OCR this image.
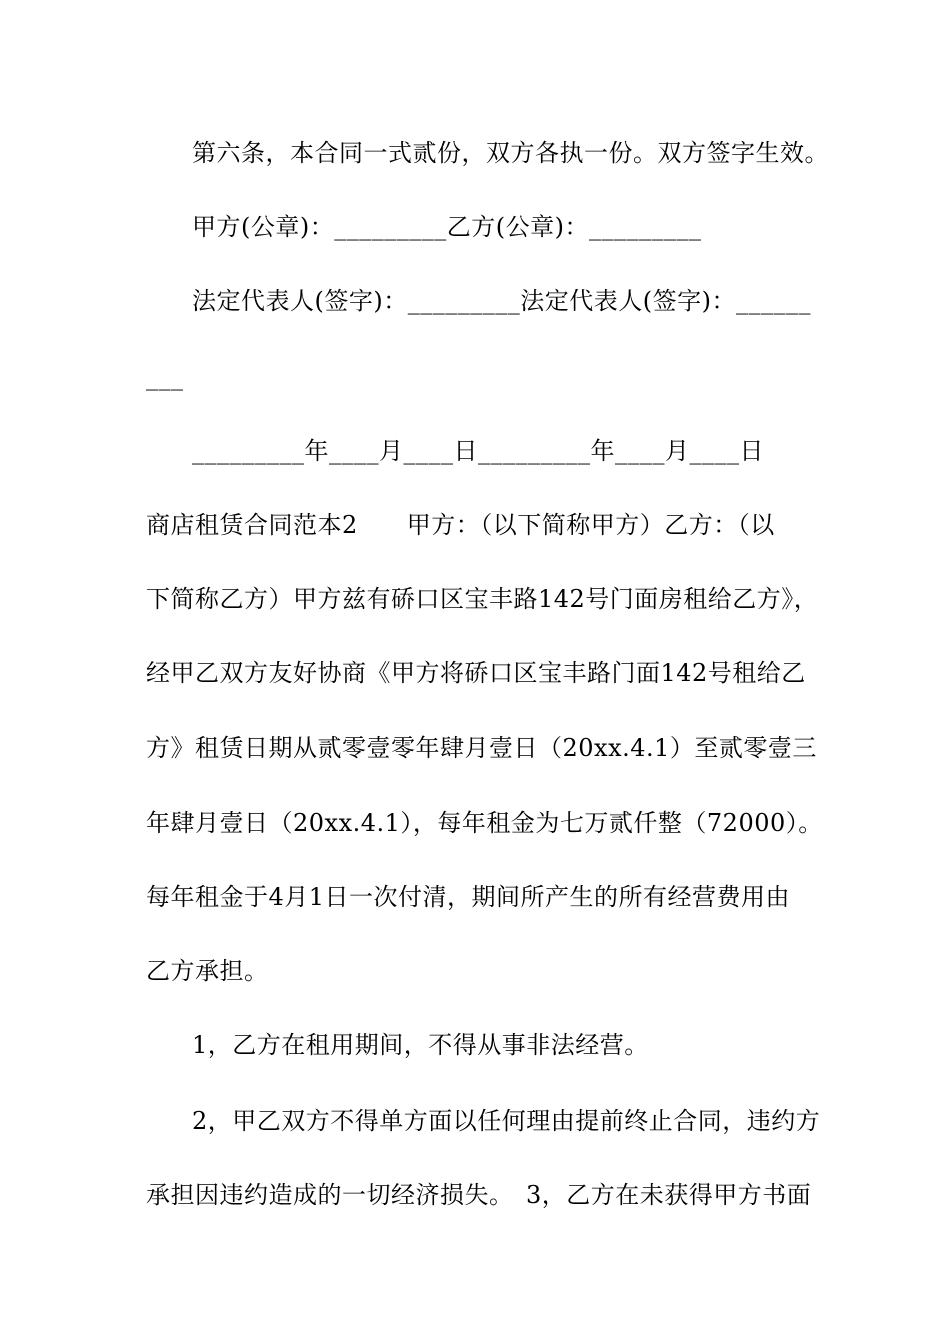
第六条，本合同一式贰份，双方各执一份。双方签字生效。
甲方(公章)：_________乙方(公章)：_________
法定代表人(签字)：_________法定代表人(签字)：______
___
_________年____月____日_________年____月____日
商店租赁合同范本2　　甲方：（以下简称甲方）乙方：（以
下简称乙方）甲方兹有硚口区宝丰路142号门面房租给乙方》，
经甲乙双方友好协商《甲方将硚口区宝丰路门面142号租给乙
方》租赁日期从贰零壹零年肆月壹日（20xx.4.1）至贰零壹三
年肆月壹日（20xx.4.1），每年租金为七万贰仟整（72000）。
每年租金于4月1日一次付清，期间所产生的所有经营费用由
乙方承担。
1，乙方在租用期间，不得从事非法经营。
2，甲乙双方不得单方面以任何理由提前终止合同，违约方
承担因违约造成的一切经济损失。　3，乙方在未获得甲方书面
